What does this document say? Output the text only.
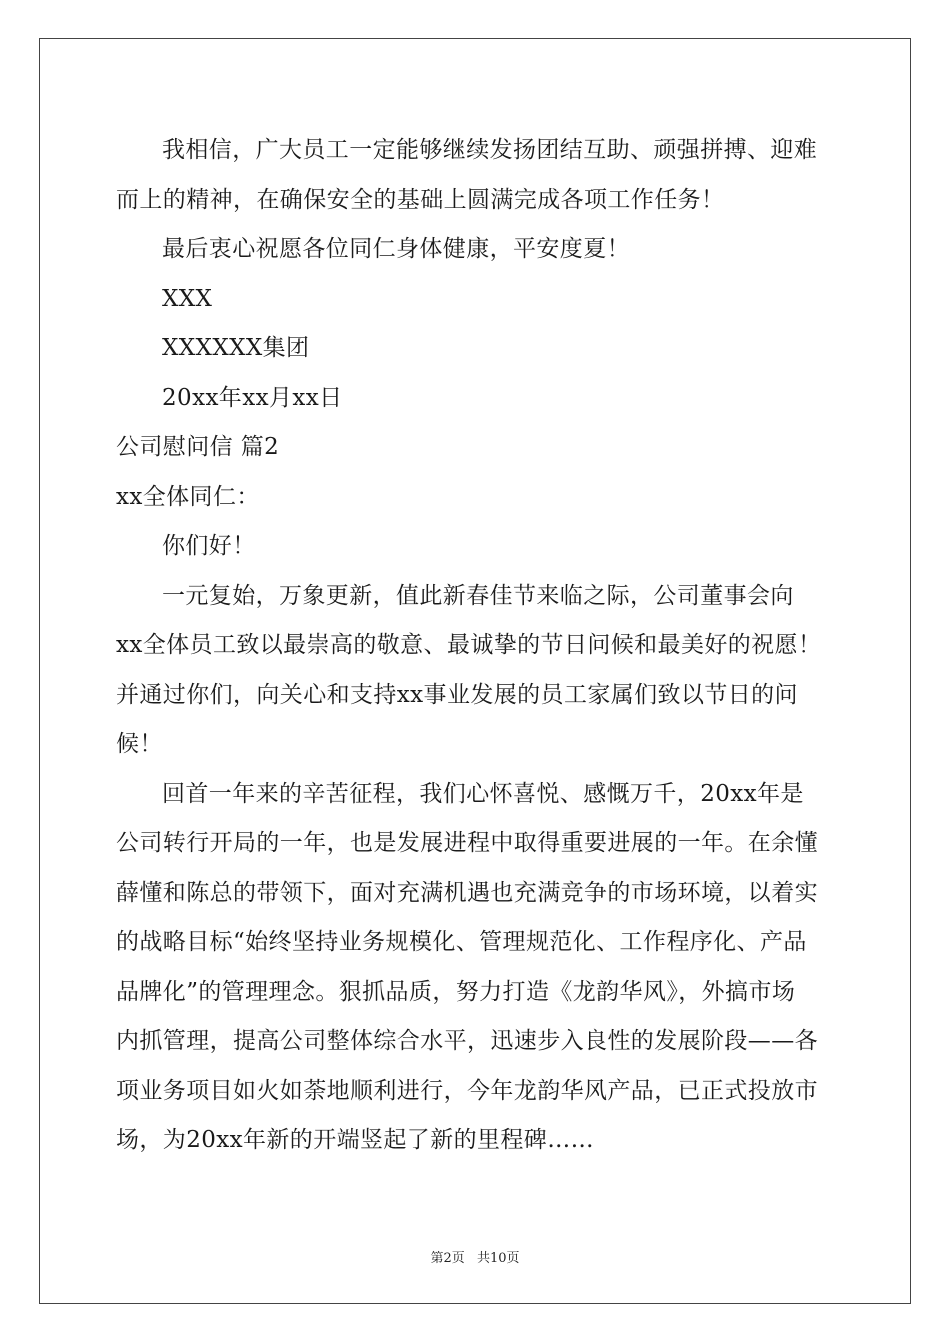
我相信，广大员工一定能够继续发扬团结互助、顽强拼搏、迎难
而上的精神，在确保安全的基础上圆满完成各项工作任务！
最后衷心祝愿各位同仁身体健康，平安度夏！
XXX
XXXXXX集团
20xx年xx月xx日
公司慰问信 篇2
xx全体同仁：
你们好！
一元复始，万象更新，值此新春佳节来临之际，公司董事会向
xx全体员工致以最崇高的敬意、最诚挚的节日问候和最美好的祝愿！
并通过你们，向关心和支持xx事业发展的员工家属们致以节日的问
候！
回首一年来的辛苦征程，我们心怀喜悦、感慨万千，20xx年是
公司转行开局的一年，也是发展进程中取得重要进展的一年。在余懂
薛懂和陈总的带领下，面对充满机遇也充满竞争的市场环境，以着实
的战略目标“始终坚持业务规模化、管理规范化、工作程序化、产品
品牌化”的管理理念。狠抓品质，努力打造《龙韵华风》，外搞市场
内抓管理，提高公司整体综合水平，迅速步入良性的发展阶段——各
项业务项目如火如荼地顺利进行，今年龙韵华风产品，已正式投放市
场，为20xx年新的开端竖起了新的里程碑……
第2页 共10页
